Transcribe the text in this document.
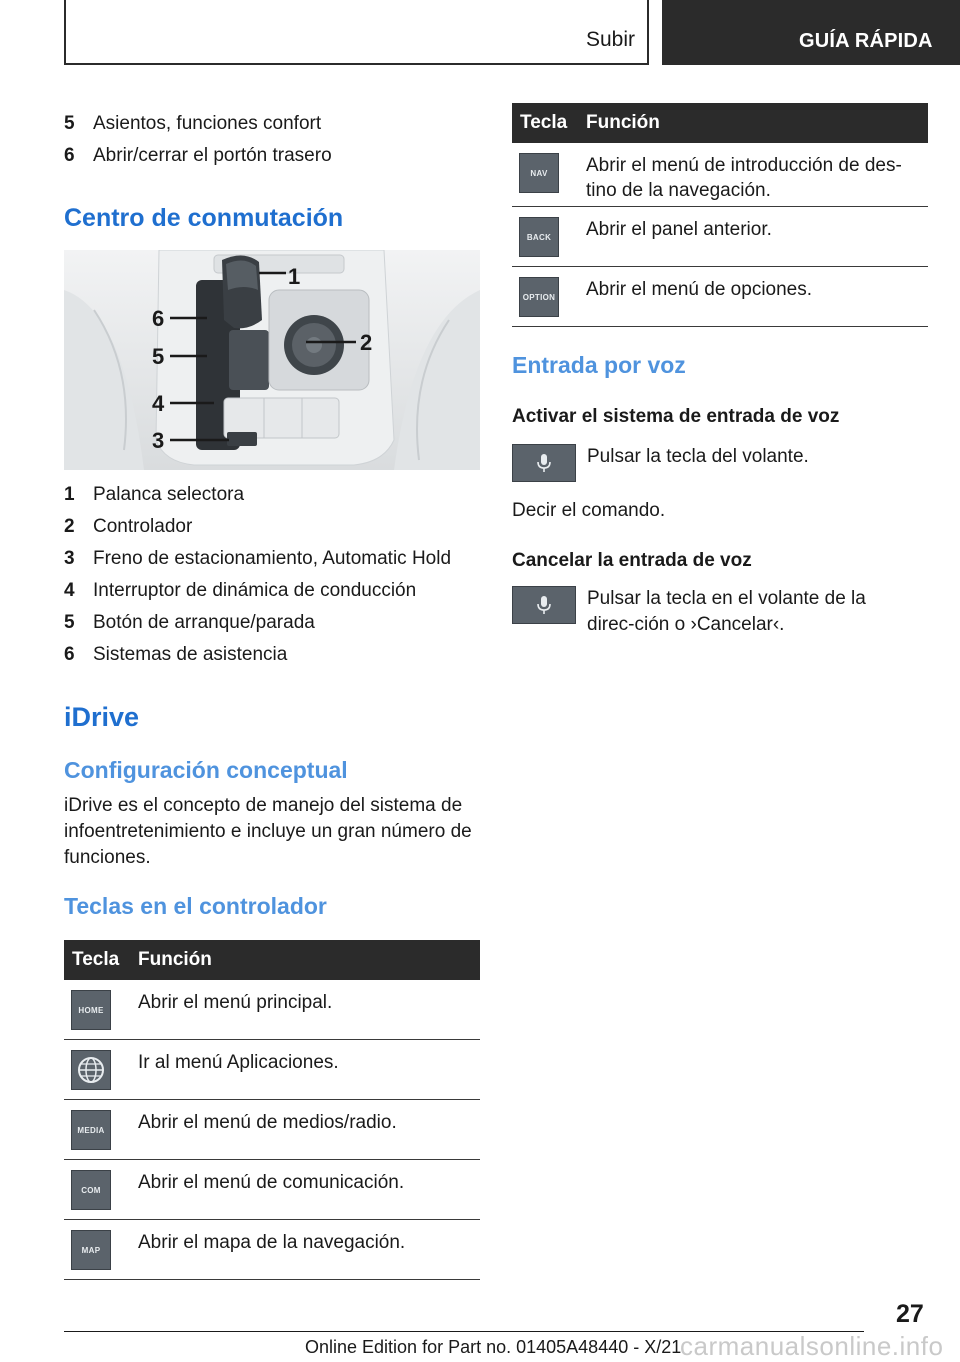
Subir	GUÍA RÁPIDA
5 Asientos, funciones confort
6 Abrir/cerrar el portón trasero
Centro de conmutación
1
2
6
5
4
3
1 Palanca selectora
2 Controlador
3 Freno de estacionamiento, Automatic Hold
4 Interruptor de dinámica de conducción
5 Botón de arranque/parada
6 Sistemas de asistencia
iDrive
Configuración conceptual

iDrive es el concepto de manejo del sistema de infoentretenimiento e incluye un gran número de funciones.

Teclas en el controlador
Tecla Función
HOME	Abrir el menú principal.
Ir al menú Aplicaciones.
MEDIA	Abrir el menú de medios/radio.
COM	Abrir el menú de comunicación.
MAP	Abrir el mapa de la navegación.
Tecla Función
NAV	Abrir el menú de introducción de des-tino de la navegación.
BACK	Abrir el panel anterior.
OPTION Abrir el menú de opciones.
Entrada por voz
Activar el sistema de entrada de voz
Pulsar la tecla del volante.

Decir el comando.

Cancelar la entrada de voz
Pulsar la tecla en el volante de la direc-ción o ›Cancelar‹.
27
Online Edition for Part no. 01405A48440 - X/21
carmanualsonline.info
